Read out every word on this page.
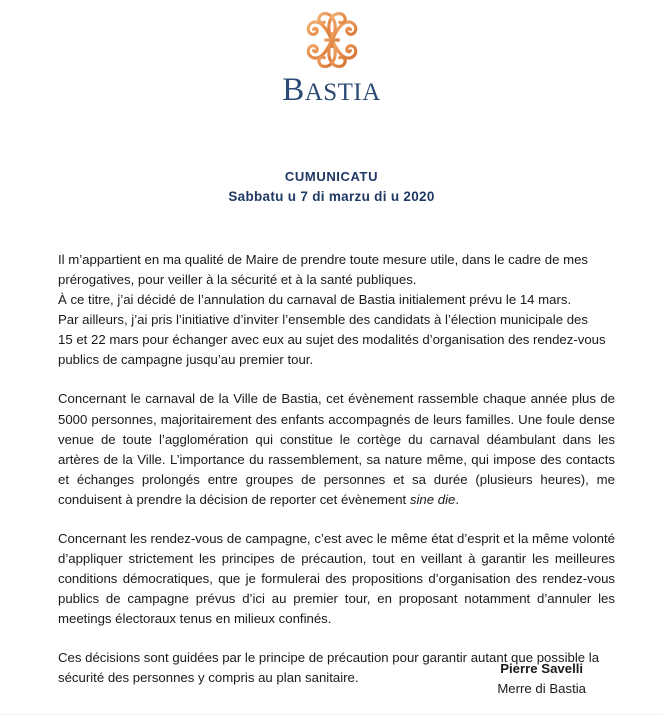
BASTIA
CUMUNICATU
Sabbatu u 7 di marzu di u 2020

Il m’appartient en ma qualité de Maire de prendre toute mesure utile, dans le cadre de mes
prérogatives, pour veiller à la sécurité et à la santé publiques.
À ce titre, j’ai décidé de l’annulation du carnaval de Bastia initialement prévu le 14 mars.
Par ailleurs, j’ai pris l’initiative d’inviter l’ensemble des candidats à l’élection municipale des
15 et 22 mars pour échanger avec eux au sujet des modalités d’organisation des rendez-vous
publics de campagne jusqu’au premier tour.

Concernant le carnaval de la Ville de Bastia, cet évènement rassemble chaque année plus de 5000 personnes, majoritairement des enfants accompagnés de leurs familles. Une foule dense venue de toute l’agglomération qui constitue le cortège du carnaval déambulant dans les artères de la Ville. L’importance du rassemblement, sa nature même, qui impose des contacts et échanges prolongés entre groupes de personnes et sa durée (plusieurs heures), me conduisent à prendre la décision de reporter cet évènement sine die.

Concernant les rendez-vous de campagne, c’est avec le même état d’esprit et la même volonté d’appliquer strictement les principes de précaution, tout en veillant à garantir les meilleures conditions démocratiques, que je formulerai des propositions d’organisation des rendez-vous publics de campagne prévus d’ici au premier tour, en proposant notamment d’annuler les meetings électoraux tenus en milieux confinés.

Ces décisions sont guidées par le principe de précaution pour garantir autant que possible la
sécurité des personnes y compris au plan sanitaire.

Pierre Savelli
Merre di Bastia
